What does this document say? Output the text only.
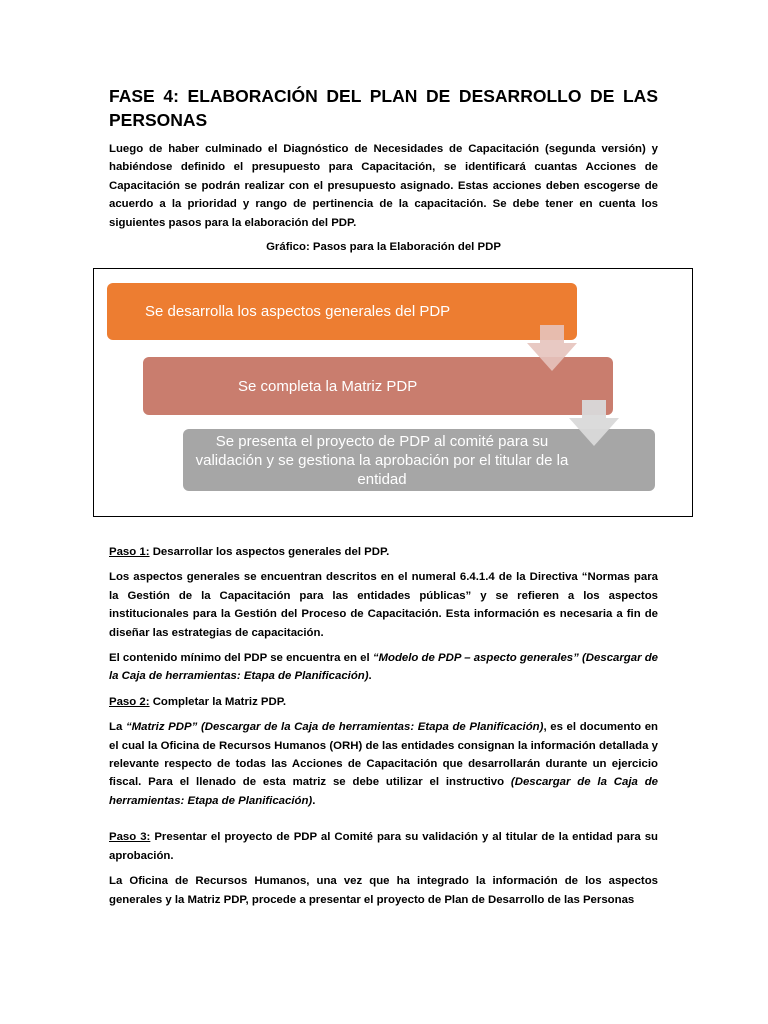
FASE 4: ELABORACIÓN DEL PLAN DE DESARROLLO DE LAS PERSONAS

Luego de haber culminado el Diagnóstico de Necesidades de Capacitación (segunda versión) y habiéndose definido el presupuesto para Capacitación, se identificará cuantas Acciones de Capacitación se podrán realizar con el presupuesto asignado. Estas acciones deben escogerse de acuerdo a la prioridad y rango de pertinencia de la capacitación. Se debe tener en cuenta los siguientes pasos para la elaboración del PDP.

Gráfico: Pasos para la Elaboración del PDP
Se desarrolla los aspectos generales del PDP
Se completa la Matriz PDP
Se presenta el proyecto de PDP al comité para su validación y se gestiona la aprobación por el titular de la entidad

Paso 1: Desarrollar los aspectos generales del PDP.

Los aspectos generales se encuentran descritos en el numeral 6.4.1.4 de la Directiva “Normas para la Gestión de la Capacitación para las entidades públicas” y se refieren a los aspectos institucionales para la Gestión del Proceso de Capacitación. Esta información es necesaria a fin de diseñar las estrategias de capacitación.

El contenido mínimo del PDP se encuentra en el “Modelo de PDP – aspecto generales” (Descargar de la Caja de herramientas: Etapa de Planificación).

Paso 2: Completar la Matriz PDP.

La “Matriz PDP” (Descargar de la Caja de herramientas: Etapa de Planificación), es el documento en el cual la Oficina de Recursos Humanos (ORH) de las entidades consignan la información detallada y relevante respecto de todas las Acciones de Capacitación que desarrollarán durante un ejercicio fiscal. Para el llenado de esta matriz se debe utilizar el instructivo (Descargar de la Caja de herramientas: Etapa de Planificación).

Paso 3: Presentar el proyecto de PDP al Comité para su validación y al titular de la entidad para su aprobación.

La Oficina de Recursos Humanos, una vez que ha integrado la información de los aspectos generales y la Matriz PDP, procede a presentar el proyecto de Plan de Desarrollo de las Personas
